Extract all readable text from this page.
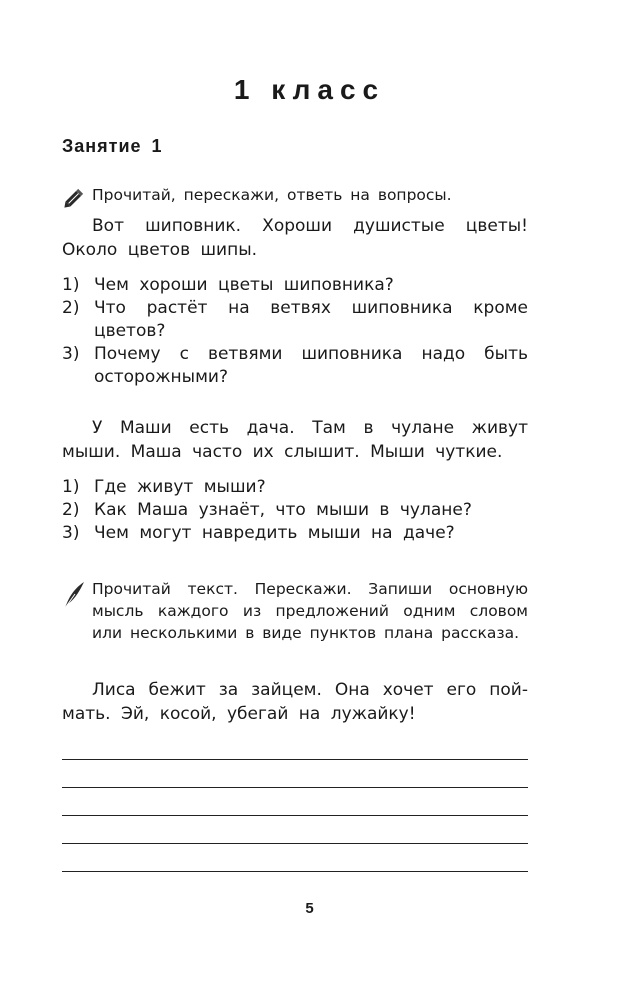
1 класс
Занятие 1
Прочитай, перескажи, ответь на вопросы.
Вот шиповник. Хороши душистые цветы! Около цветов шипы.
1) Чем хороши цветы шиповника?
2) Что растёт на ветвях шиповника кроме цветов?
3) Почему с ветвями шиповника надо быть осторожными?
У Маши есть дача. Там в чулане живут мыши. Маша часто их слышит. Мыши чуткие.
1) Где живут мыши?
2) Как Маша узнаёт, что мыши в чулане?
3) Чем могут навредить мыши на даче?
Прочитай текст. Перескажи. Запиши основную мысль каждого из предложений одним словом или несколькими в виде пунктов плана рассказа.
Лиса бежит за зайцем. Она хочет его поймать. Эй, косой, убегай на лужайку!
5
